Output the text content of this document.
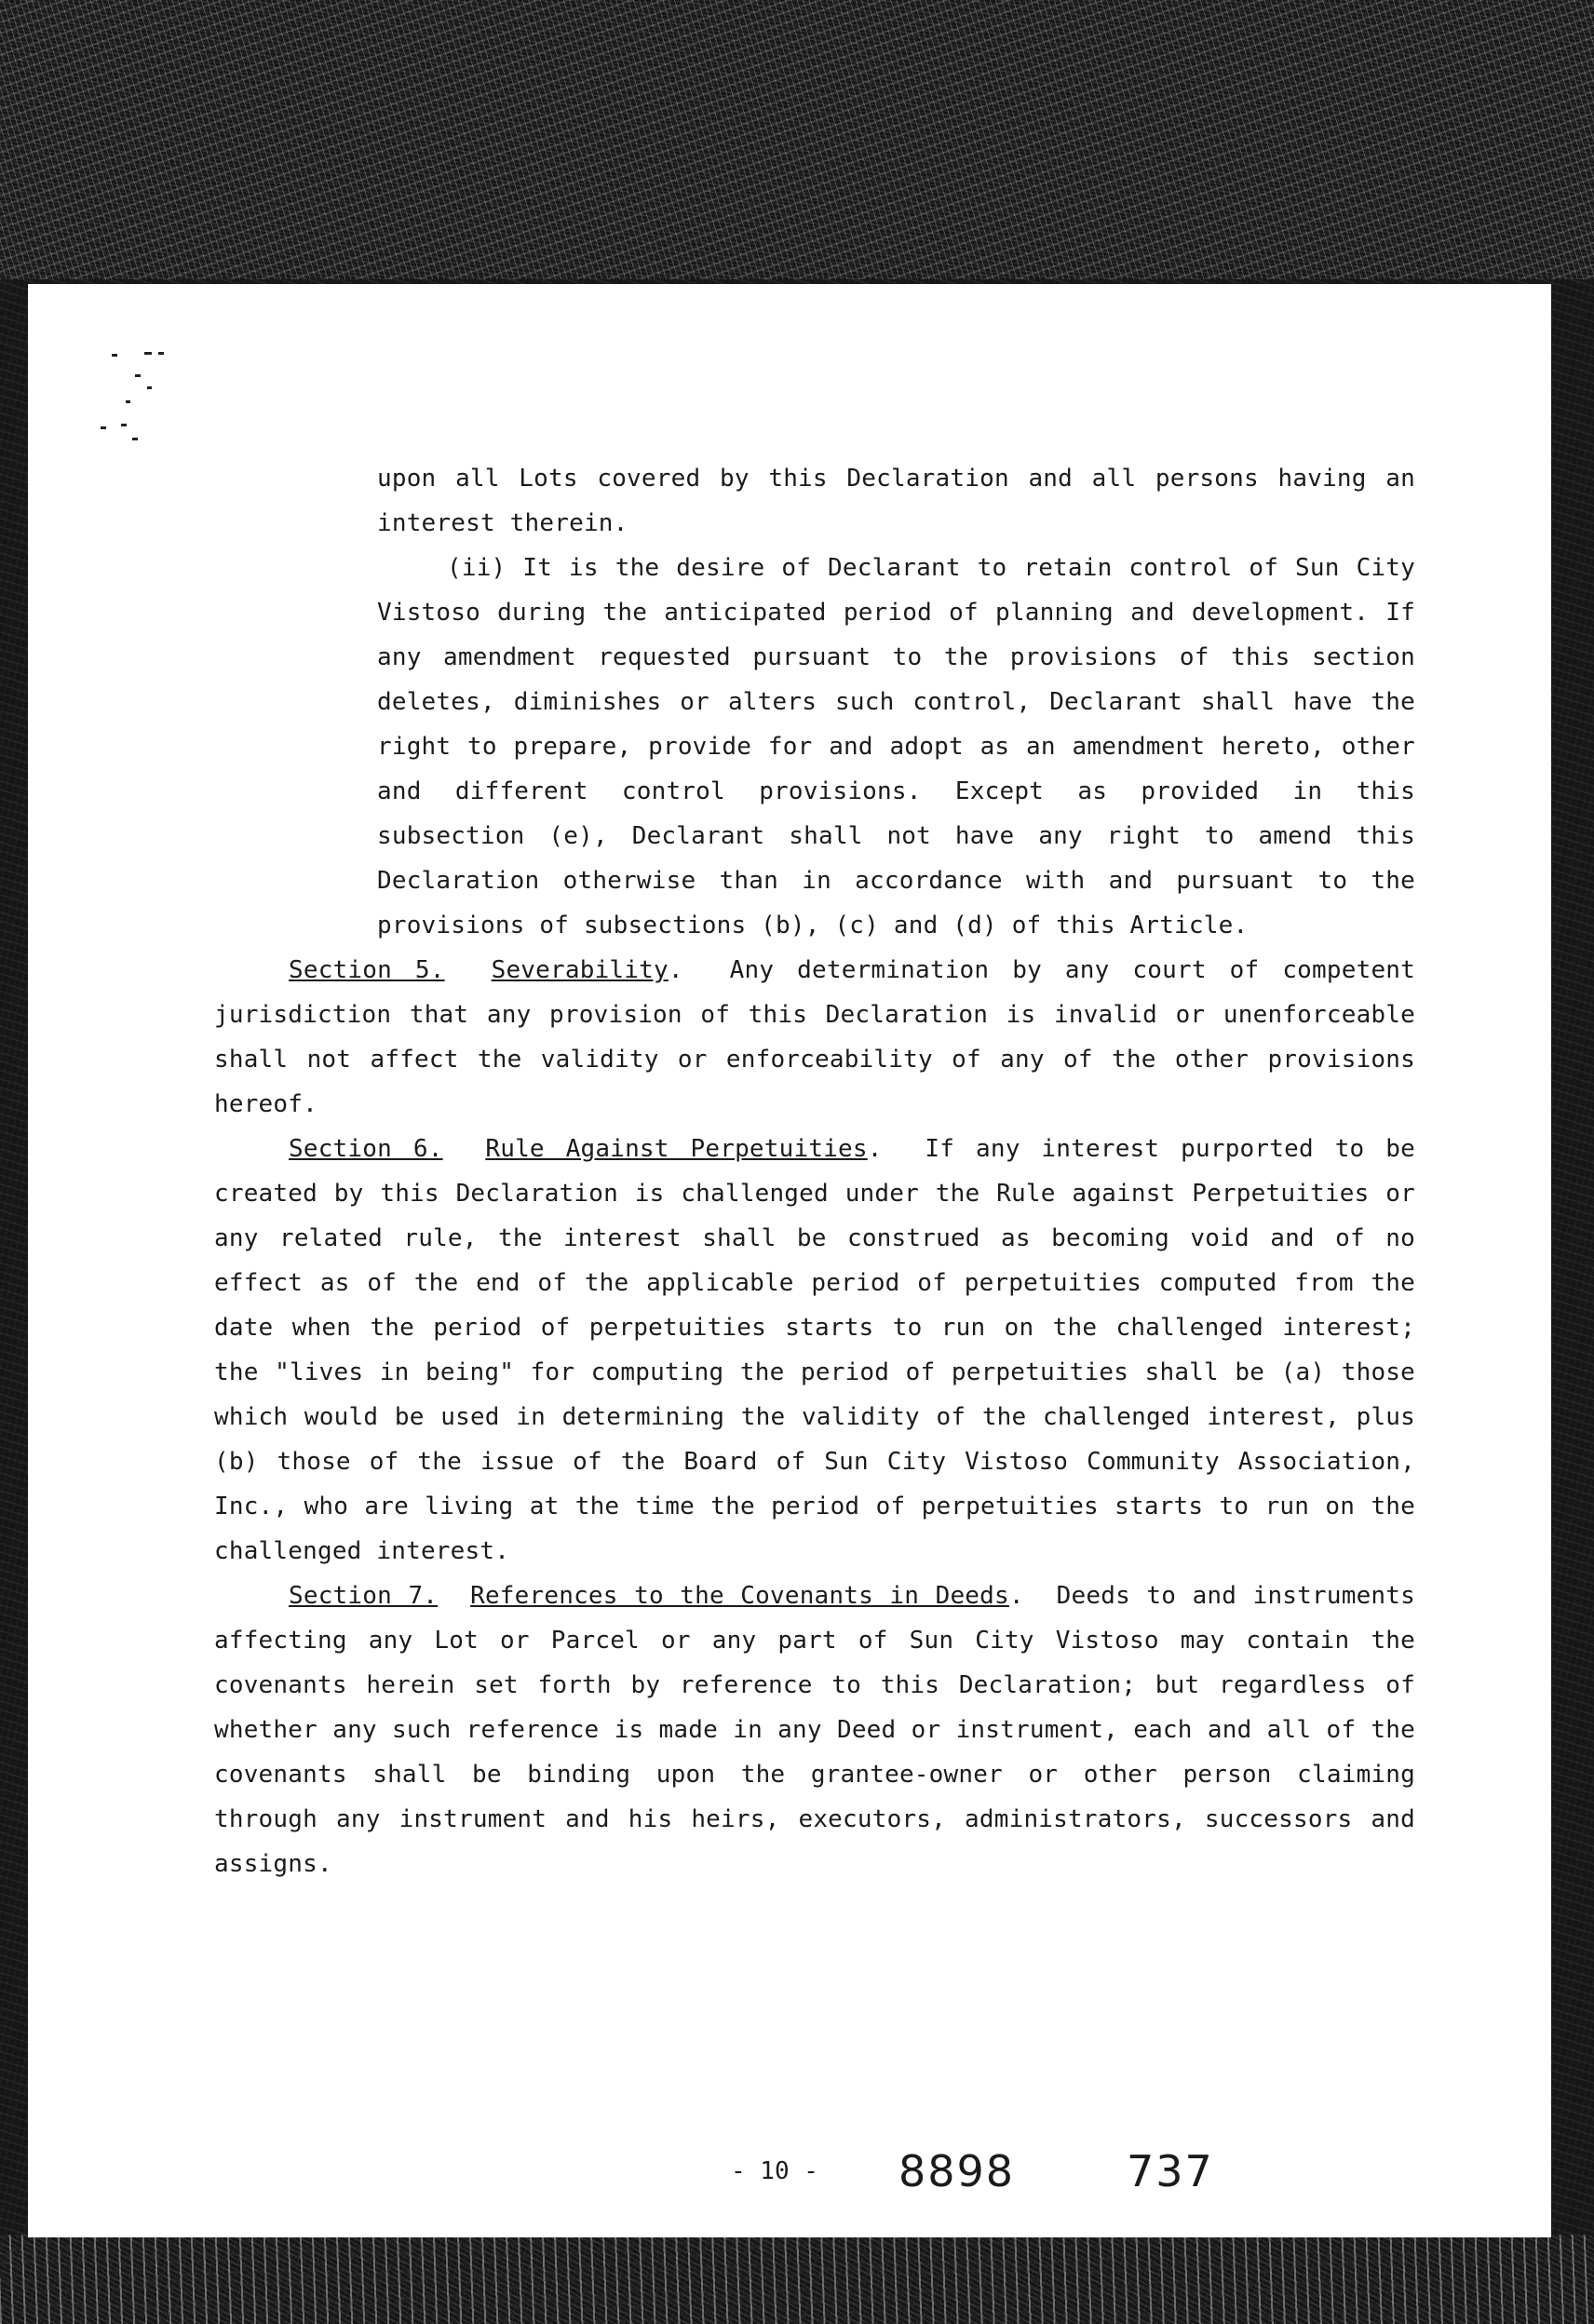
upon all Lots covered by this Declaration and all persons having an interest therein.

(ii) It is the desire of Declarant to retain control of Sun City Vistoso during the anticipated period of planning and development. If any amendment requested pursuant to the provisions of this section deletes, diminishes or alters such control, Declarant shall have the right to prepare, provide for and adopt as an amendment hereto, other and different control provisions. Except as provided in this subsection (e), Declarant shall not have any right to amend this Declaration otherwise than in accordance with and pursuant to the provisions of subsections (b), (c) and (d) of this Article.

Section 5. Severability.  Any determination by any court of competent jurisdiction that any provision of this Declaration is invalid or unenforceable shall not affect the validity or enforceability of any of the other provisions hereof.

Section 6. Rule Against Perpetuities.  If any interest purported to be created by this Declaration is challenged under the Rule against Perpetuities or any related rule, the interest shall be construed as becoming void and of no effect as of the end of the applicable period of perpetuities computed from the date when the period of perpetuities starts to run on the challenged interest; the "lives in being" for computing the period of perpetuities shall be (a) those which would be used in determining the validity of the challenged interest, plus (b) those of the issue of the Board of Sun City Vistoso Community Association, Inc., who are living at the time the period of perpetuities starts to run on the challenged interest.

Section 7. References to the Covenants in Deeds.  Deeds to and instruments affecting any Lot or Parcel or any part of Sun City Vistoso may contain the covenants herein set forth by reference to this Declaration; but regardless of whether any such reference is made in any Deed or instrument, each and all of the covenants shall be binding upon the grantee-owner or other person claiming through any instrument and his heirs, executors, administrators, successors and assigns.

- 10 - 8898	737
